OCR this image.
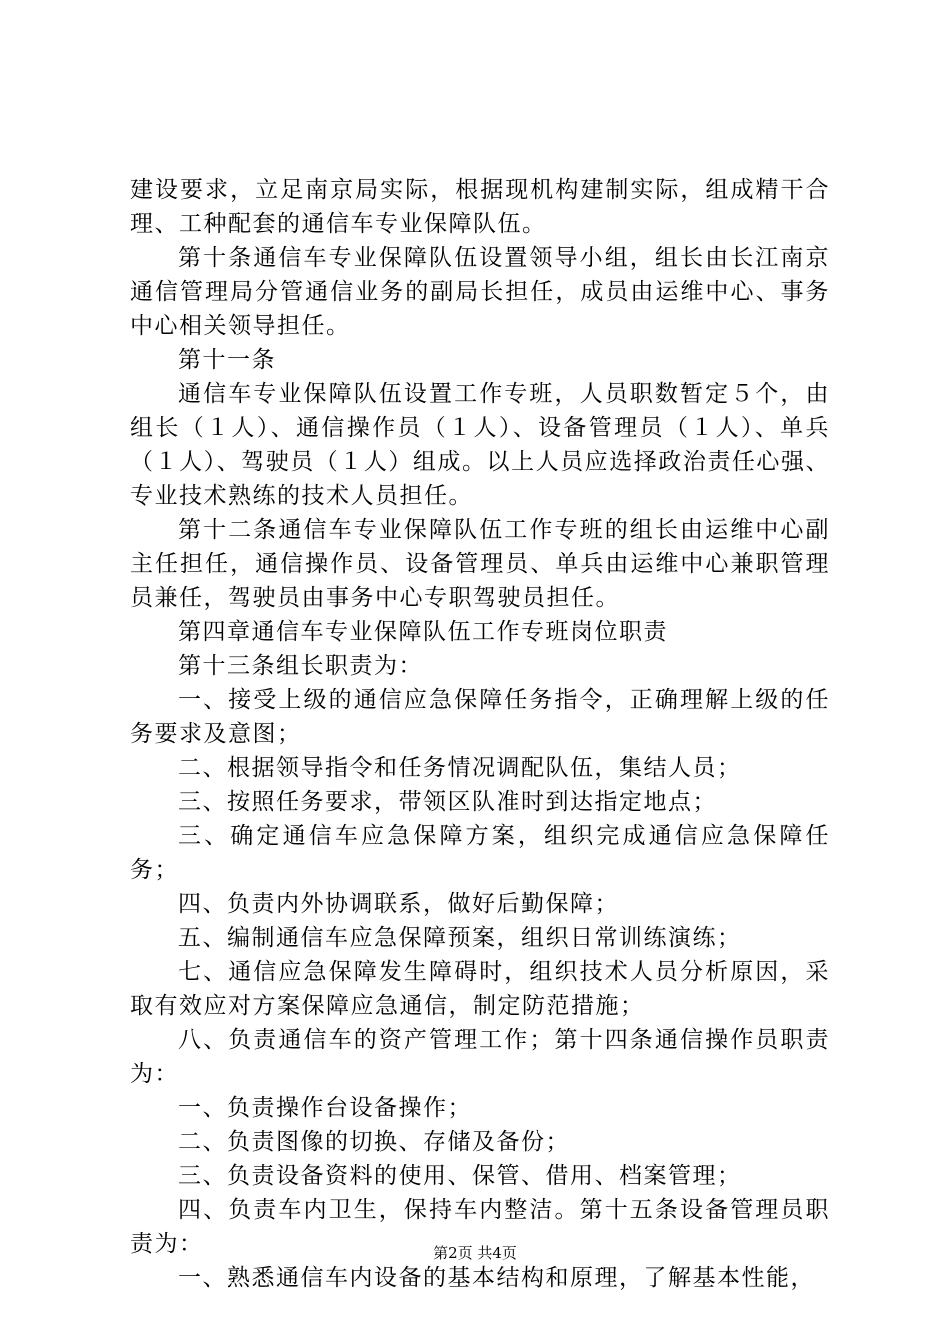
建设要求，立足南京局实际，根据现机构建制实际，组成精干合理、工种配套的通信车专业保障队伍。

第十条通信车专业保障队伍设置领导小组，组长由长江南京通信管理局分管通信业务的副局长担任，成员由运维中心、事务中心相关领导担任。

第十一条

通信车专业保障队伍设置工作专班，人员职数暂定５个，由组长（１人）、通信操作员（１人）、设备管理员（１人）、单兵（１人）、驾驶员（１人）组成。以上人员应选择政治责任心强、专业技术熟练的技术人员担任。

第十二条通信车专业保障队伍工作专班的组长由运维中心副主任担任，通信操作员、设备管理员、单兵由运维中心兼职管理员兼任，驾驶员由事务中心专职驾驶员担任。

第四章通信车专业保障队伍工作专班岗位职责

第十三条组长职责为：

一、接受上级的通信应急保障任务指令，正确理解上级的任务要求及意图；

二、根据领导指令和任务情况调配队伍，集结人员；

三、按照任务要求，带领区队准时到达指定地点；

三、确定通信车应急保障方案，组织完成通信应急保障任务；

四、负责内外协调联系，做好后勤保障；

五、编制通信车应急保障预案，组织日常训练演练；

七、通信应急保障发生障碍时，组织技术人员分析原因，采取有效应对方案保障应急通信，制定防范措施；

八、负责通信车的资产管理工作；第十四条通信操作员职责为：

一、负责操作台设备操作；

二、负责图像的切换、存储及备份；

三、负责设备资料的使用、保管、借用、档案管理；

四、负责车内卫生，保持车内整洁。第十五条设备管理员职责为：

一、熟悉通信车内设备的基本结构和原理，了解基本性能，

第2页 共4页
